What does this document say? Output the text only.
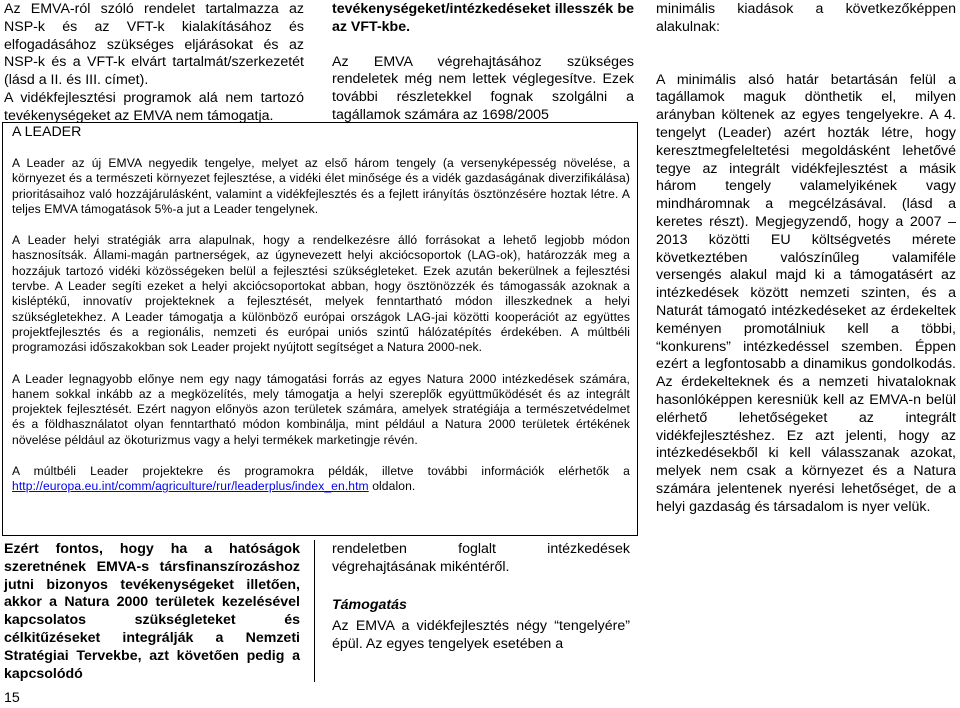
Az EMVA-ról szóló rendelet tartalmazza az NSP-k és az VFT-k kialakításához és elfogadásához szükséges eljárásokat és az NSP-k és a VFT-k elvárt tartalmát/szerkezetét (lásd a II. és III. címet).

A vidékfejlesztési programok alá nem tartozó tevékenységeket az EMVA nem támogatja.

tevékenységeket/intézkedéseket illesszék be az VFT-kbe.

Az EMVA végrehajtásához szükséges rendeletek még nem lettek véglegesítve. Ezek további részletekkel fognak szolgálni a tagállamok számára az 1698/2005

A LEADER

A Leader az új EMVA negyedik tengelye, melyet az első három tengely (a versenyképesség növelése, a környezet és a természeti környezet fejlesztése, a vidéki élet minősége és a vidék gazdaságának diverzifikálása) prioritásaihoz való hozzájárulásként, valamint a vidékfejlesztés és a fejlett irányítás ösztönzésére hoztak létre. A teljes EMVA támogatások 5%-a jut a Leader tengelynek.

A Leader helyi stratégiák arra alapulnak, hogy a rendelkezésre álló forrásokat a lehető legjobb módon hasznosítsák. Állami-magán partnerségek, az úgynevezett helyi akciócsoportok (LAG-ok), határozzák meg a hozzájuk tartozó vidéki közösségeken belül a fejlesztési szükségleteket. Ezek azután bekerülnek a fejlesztési tervbe. A Leader segíti ezeket a helyi akciócsoportokat abban, hogy ösztönözzék és támogassák azoknak a kisléptékű, innovatív projekteknek a fejlesztését, melyek fenntartható módon illeszkednek a helyi szükségletekhez. A Leader támogatja a különböző európai országok LAG-jai közötti kooperációt az együttes projektfejlesztés és a regionális, nemzeti és európai uniós szintű hálózatépítés érdekében. A múltbéli programozási időszakokban sok Leader projekt nyújtott segítséget a Natura 2000-nek.

A Leader legnagyobb előnye nem egy nagy támogatási forrás az egyes Natura 2000 intézkedések számára, hanem sokkal inkább az a megközelítés, mely támogatja a helyi szereplők együttműködését és az integrált projektek fejlesztését. Ezért nagyon előnyös azon területek számára, amelyek stratégiája a természetvédelmet és a földhasználatot olyan fenntartható módon kombinálja, mint például a Natura 2000 területek értékének növelése például az ökoturizmus vagy a helyi termékek marketingje révén.

A múltbéli Leader projektekre és programokra példák, illetve további információk elérhetők a http://europa.eu.int/comm/agriculture/rur/leaderplus/index_en.htm oldalon.

Ezért fontos, hogy ha a hatóságok szeretnének EMVA-s társfinanszírozáshoz jutni bizonyos tevékenységeket illetően, akkor a Natura 2000 területek kezelésével kapcsolatos szükségleteket és célkitűzéseket integrálják a Nemzeti Stratégiai Tervekbe, azt követően pedig a kapcsolódó

rendeletben foglalt intézkedések végrehajtásának mikéntéről.

Támogatás

Az EMVA a vidékfejlesztés négy “tengelyére” épül. Az egyes tengelyek esetében a

minimális kiadások a következőképpen alakulnak:

A minimális alsó határ betartásán felül a tagállamok maguk dönthetik el, milyen arányban költenek az egyes tengelyekre. A 4. tengelyt (Leader) azért hozták létre, hogy keresztmegfeleltetési megoldásként lehetővé tegye az integrált vidékfejlesztést a másik három tengely valamelyikének vagy mindháromnak a megcélzásával. (lásd a keretes részt). Megjegyzendő, hogy a 2007 – 2013 közötti EU költségvetés mérete következtében valószínűleg valamiféle versengés alakul majd ki a támogatásért az intézkedések között nemzeti szinten, és a Naturát támogató intézkedéseket az érdekeltek keményen promotálniuk kell a többi, “konkurens” intézkedéssel szemben. Éppen ezért a legfontosabb a dinamikus gondolkodás. Az érdekelteknek és a nemzeti hivataloknak hasonlóképpen keresniük kell az EMVA-n belül elérhető lehetőségeket az integrált vidékfejlesztéshez. Ez azt jelenti, hogy az intézkedésekből ki kell válasszanak azokat, melyek nem csak a környezet és a Natura számára jelentenek nyerési lehetőséget, de a helyi gazdaság és társadalom is nyer velük.

15
